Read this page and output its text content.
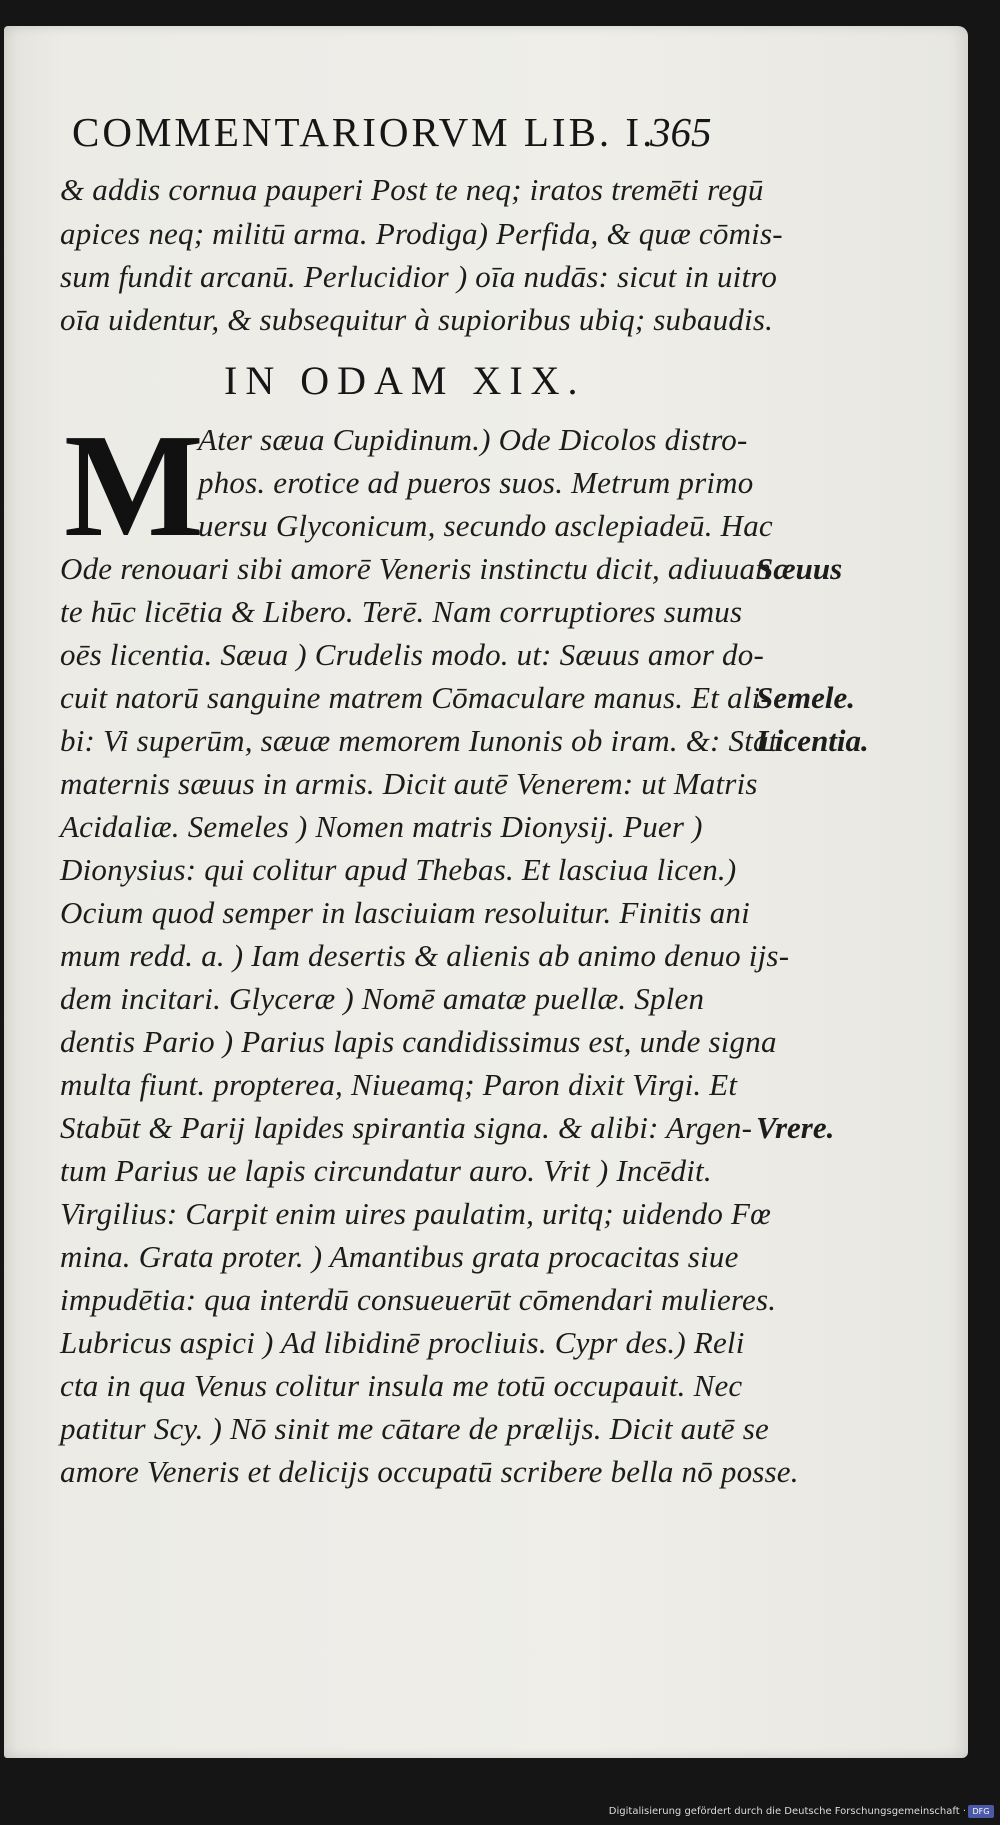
COMMENTARIORVM LIB. I.
365
& addis cornua pauperi Post te neq; iratos tremēti regū
apices neq; militū arma. Prodiga) Perfida, & quæ cōmis-
sum fundit arcanū. Perlucidior ) oīa nudās: sicut in uitro
oīa uidentur, & subsequitur à supioribus ubiq; subaudis.
IN ODAM XIX.
M
Ater sæua Cupidinum.) Ode Dicolos distro-
phos. erotice ad pueros suos. Metrum primo
uersu Glyconicum, secundo asclepiadeū. Hac
Ode renouari sibi amorē Veneris instinctu dicit, adiuuan
te hūc licētia & Libero. Terē. Nam corruptiores sumus
oēs licentia. Sæua ) Crudelis modo. ut: Sæuus amor do-
cuit natorū sanguine matrem Cōmaculare manus. Et ali-
bi: Vi superūm, sæuæ memorem Iunonis ob iram. &: Stat
maternis sæuus in armis. Dicit autē Venerem: ut Matris
Acidaliæ. Semeles ) Nomen matris Dionysij. Puer )
Dionysius: qui colitur apud Thebas. Et lasciua licen.)
Ocium quod semper in lasciuiam resoluitur. Finitis ani
mum redd. a. ) Iam desertis & alienis ab animo denuo ijs-
dem incitari. Glyceræ ) Nomē amatæ puellæ. Splen
dentis Pario ) Parius lapis candidissimus est, unde signa
multa fiunt. propterea, Niueamq; Paron dixit Virgi. Et
Stabūt & Parij lapides spirantia signa. & alibi: Argen-
tum Parius ue lapis circundatur auro. Vrit ) Incēdit.
Virgilius: Carpit enim uires paulatim, uritq; uidendo Fœ
mina. Grata proter. ) Amantibus grata procacitas siue
impudētia: qua interdū consueuerūt cōmendari mulieres.
Lubricus aspici ) Ad libidinē procliuis. Cypr des.) Reli
cta in qua Venus colitur insula me totū occupauit. Nec
patitur Scy. ) Nō sinit me cātare de prælijs. Dicit autē se
amore Veneris et delicijs occupatū scribere bella nō posse.
Sæuus
Semele.
Licentia.
Vrere.
Digitalisierung gefördert durch die Deutsche Forschungsgemeinschaft · DFG
